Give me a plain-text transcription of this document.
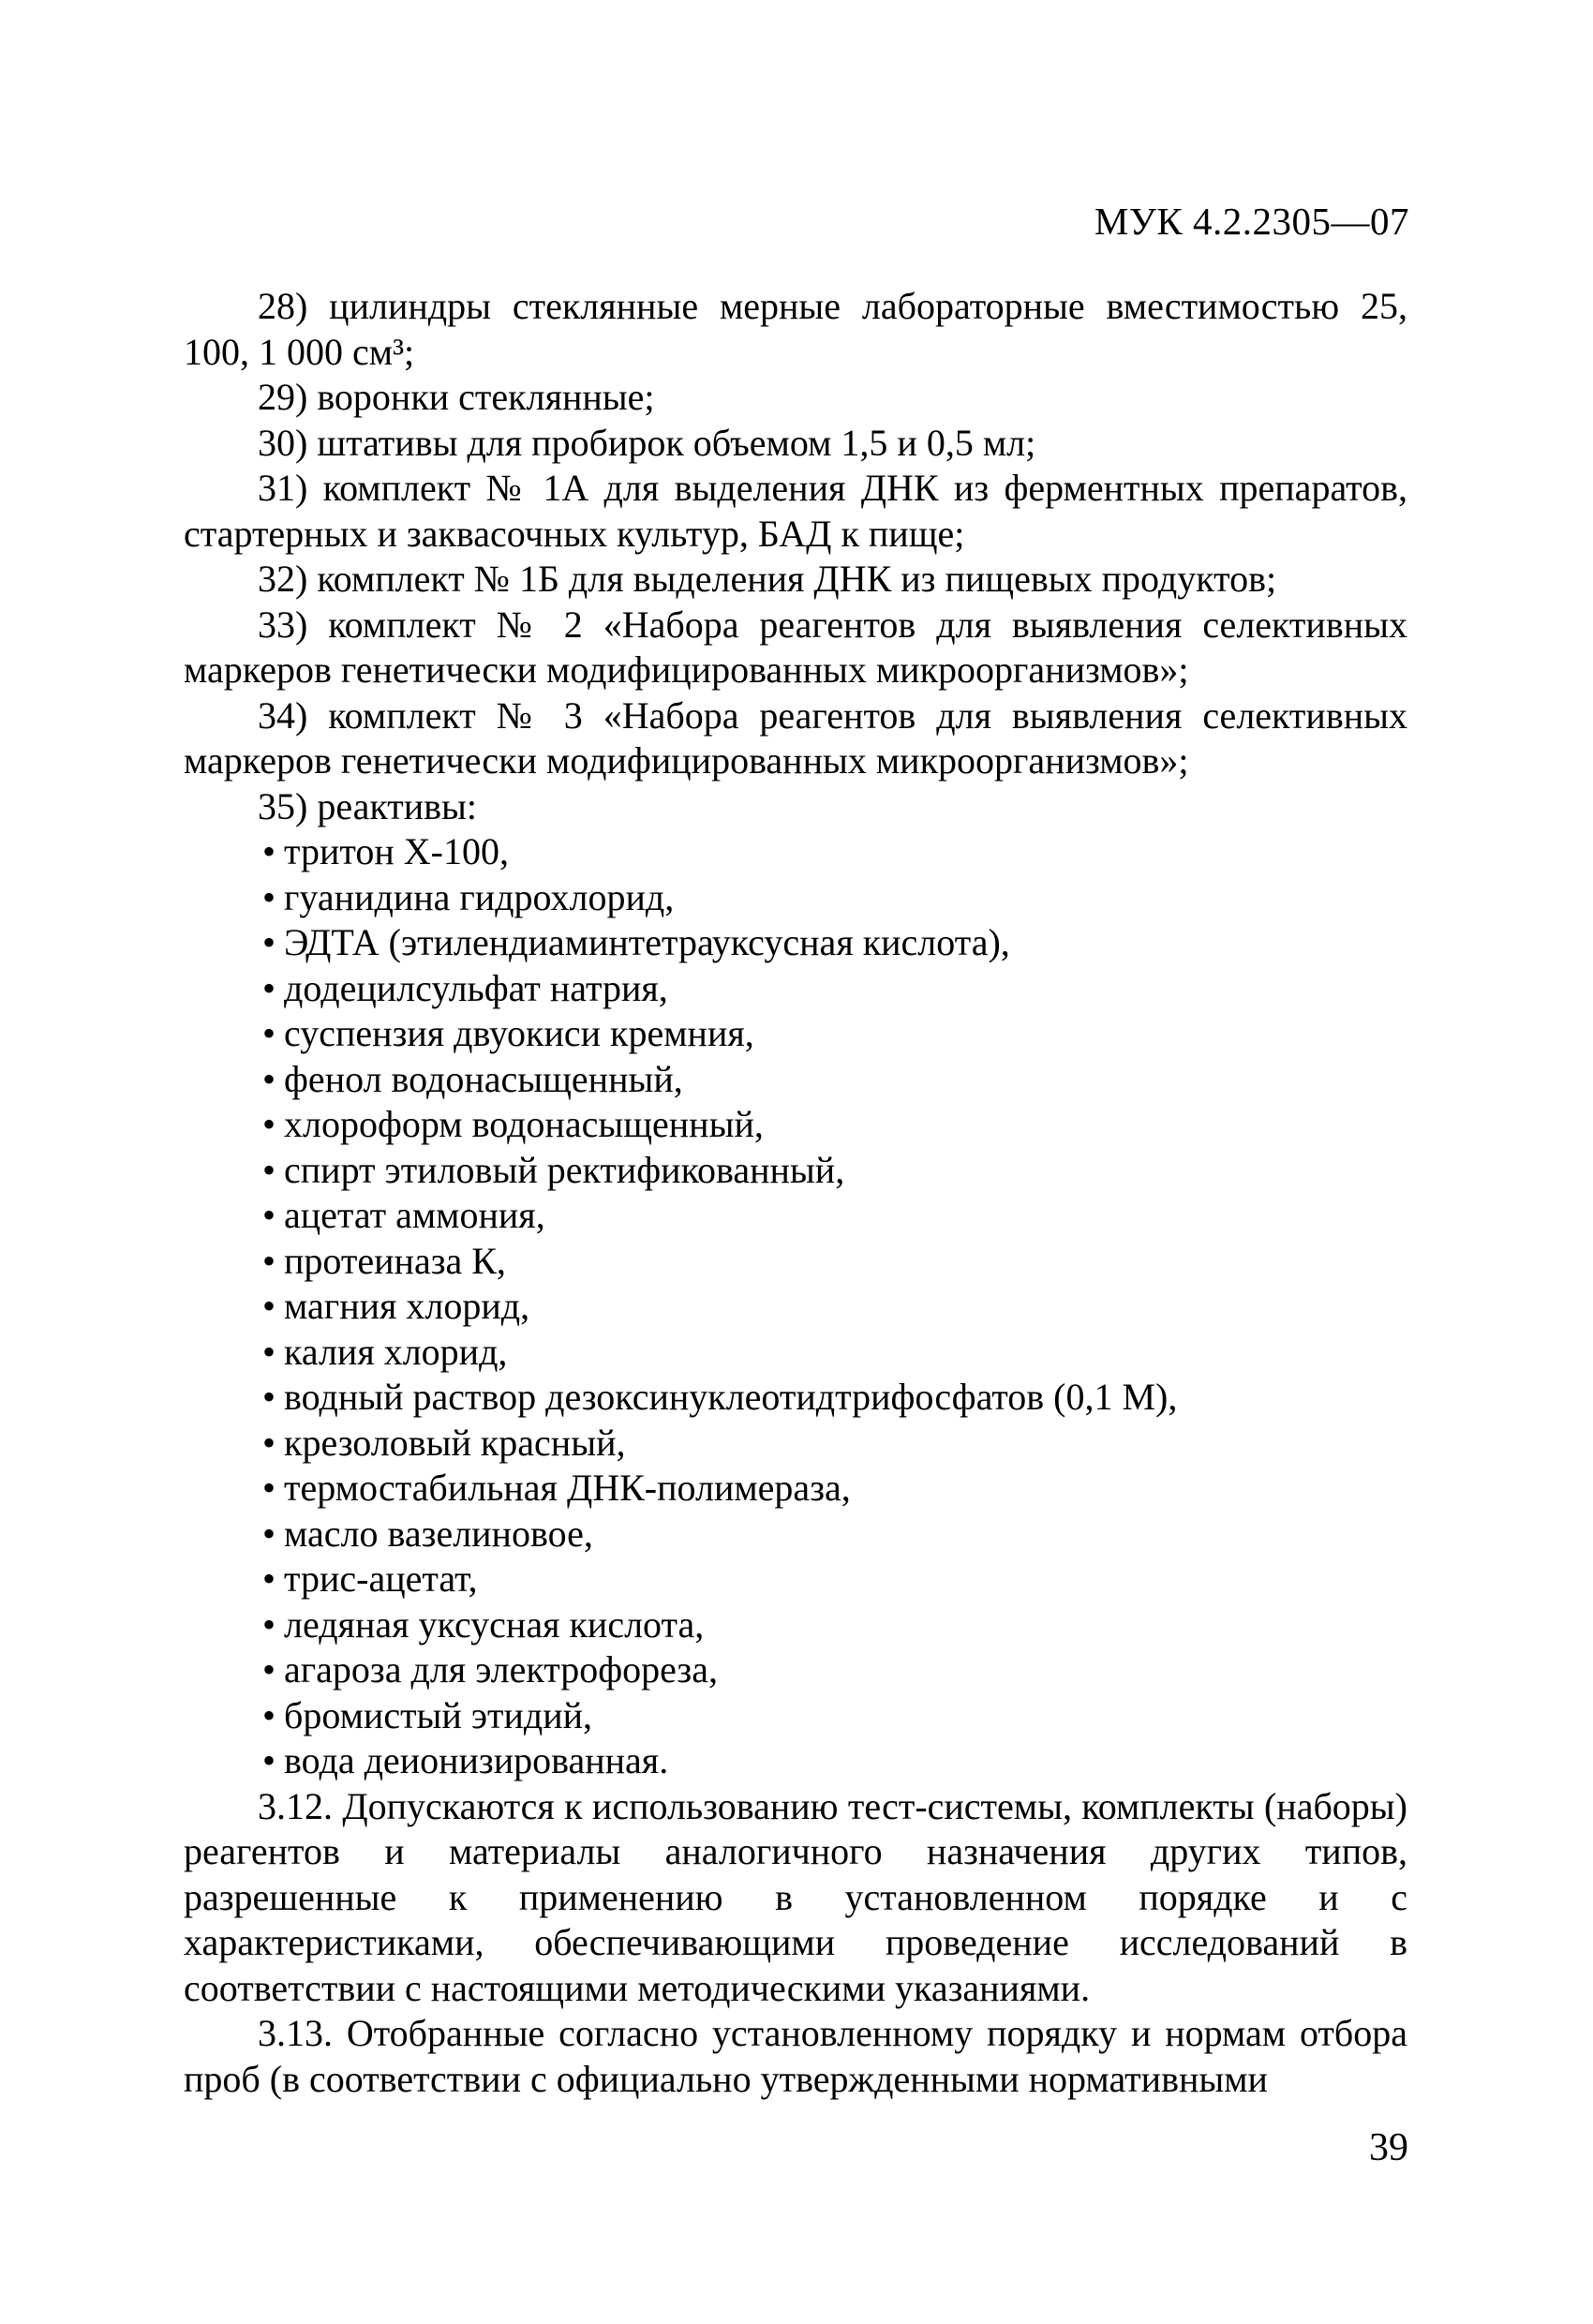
МУК 4.2.2305—07

28) цилиндры стеклянные мерные лабораторные вместимостью 25, 100, 1 000 см³;

29) воронки стеклянные;

30) штативы для пробирок объемом 1,5 и 0,5 мл;

31) комплект № 1А для выделения ДНК из ферментных препаратов, стартерных и заквасочных культур, БАД к пище;

32) комплект № 1Б для выделения ДНК из пищевых продуктов;

33) комплект № 2 «Набора реагентов для выявления селективных маркеров генетически модифицированных микроорганизмов»;

34) комплект № 3 «Набора реагентов для выявления селективных маркеров генетически модифицированных микроорганизмов»;

35) реактивы:

• тритон Х-100,
• гуанидина гидрохлорид,
• ЭДТА (этилендиаминтетрауксусная кислота),
• додецилсульфат натрия,
• суспензия двуокиси кремния,
• фенол водонасыщенный,
• хлороформ водонасыщенный,
• спирт этиловый ректификованный,
• ацетат аммония,
• протеиназа К,
• магния хлорид,
• калия хлорид,
• водный раствор дезоксинуклеотидтрифосфатов (0,1 М),
• крезоловый красный,
• термостабильная ДНК-полимераза,
• масло вазелиновое,
• трис-ацетат,
• ледяная уксусная кислота,
• агароза для электрофореза,
• бромистый этидий,
• вода деионизированная.

3.12. Допускаются к использованию тест-системы, комплекты (наборы) реагентов и материалы аналогичного назначения других типов, разрешенные к применению в установленном порядке и с характеристиками, обеспечивающими проведение исследований в соответствии с настоящими методическими указаниями.

3.13. Отобранные согласно установленному порядку и нормам отбора проб (в соответствии с официально утвержденными нормативными

39
